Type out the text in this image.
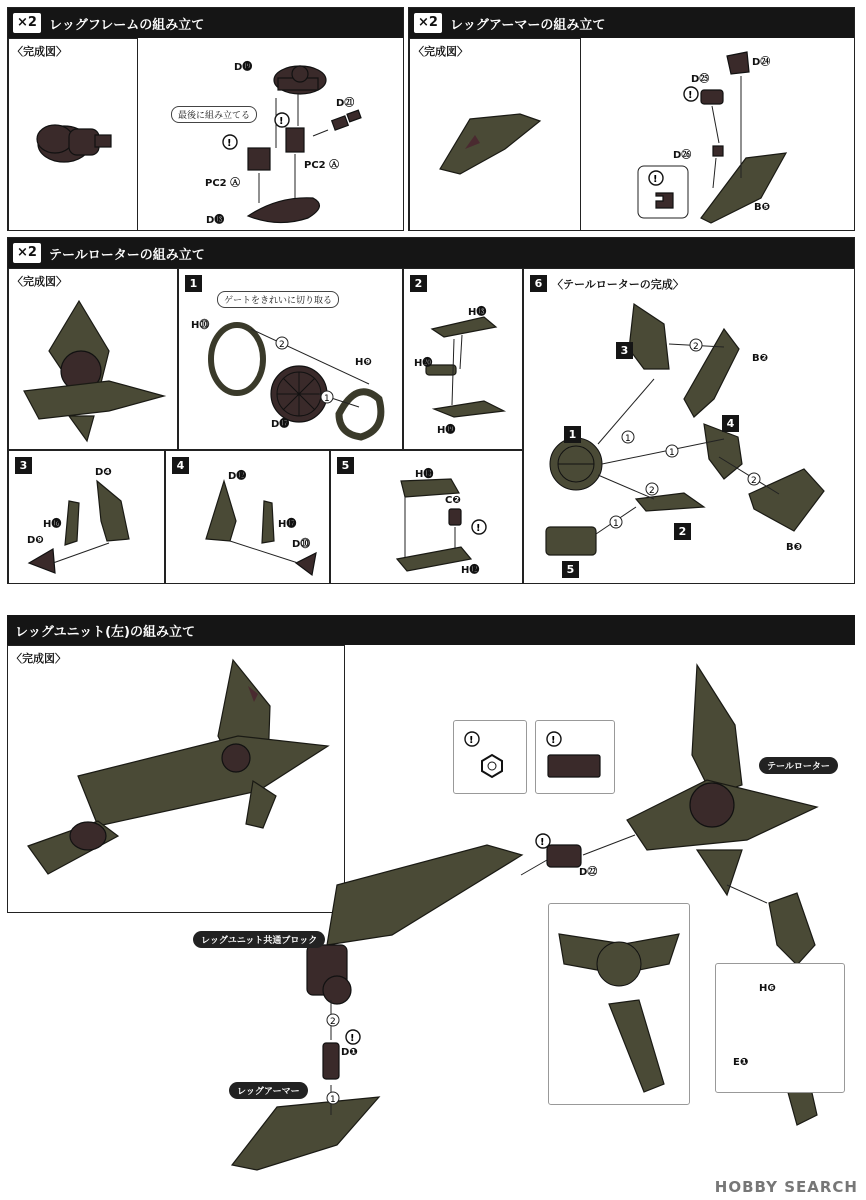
×2 レッグフレームの組み立て
〈完成図〉
!
!
D⓳
D㉑
最後に組み立てる
PC2 Ⓐ
PC2 Ⓐ
D⓲
×2 レッグアーマーの組み立て
〈完成図〉
!
!
D㉔
D㉕
D㉖
B❺
×2 テールローターの組み立て
〈完成図〉	1
ゲートをきれいに切り取る
2
1
H⓾
H❾
D⓱
2
H⓲
H⓴
H⓳
3
D❹
H⓰
D❾
4
D⓬
H⓱
D⓾
5
!
H⓭
C❷
H⓬
6 〈テールローターの完成〉
2
1
1
2
2
1
3
1
4
2
5
B❷
B❸
レッグユニット(左)の組み立て
〈完成図〉
2
1
!
!
!	!
テールローター
レッグユニット共通ブロック
レッグアーマー
D㉒
D❶
H❻
E❶
HOBBY SEARCH
